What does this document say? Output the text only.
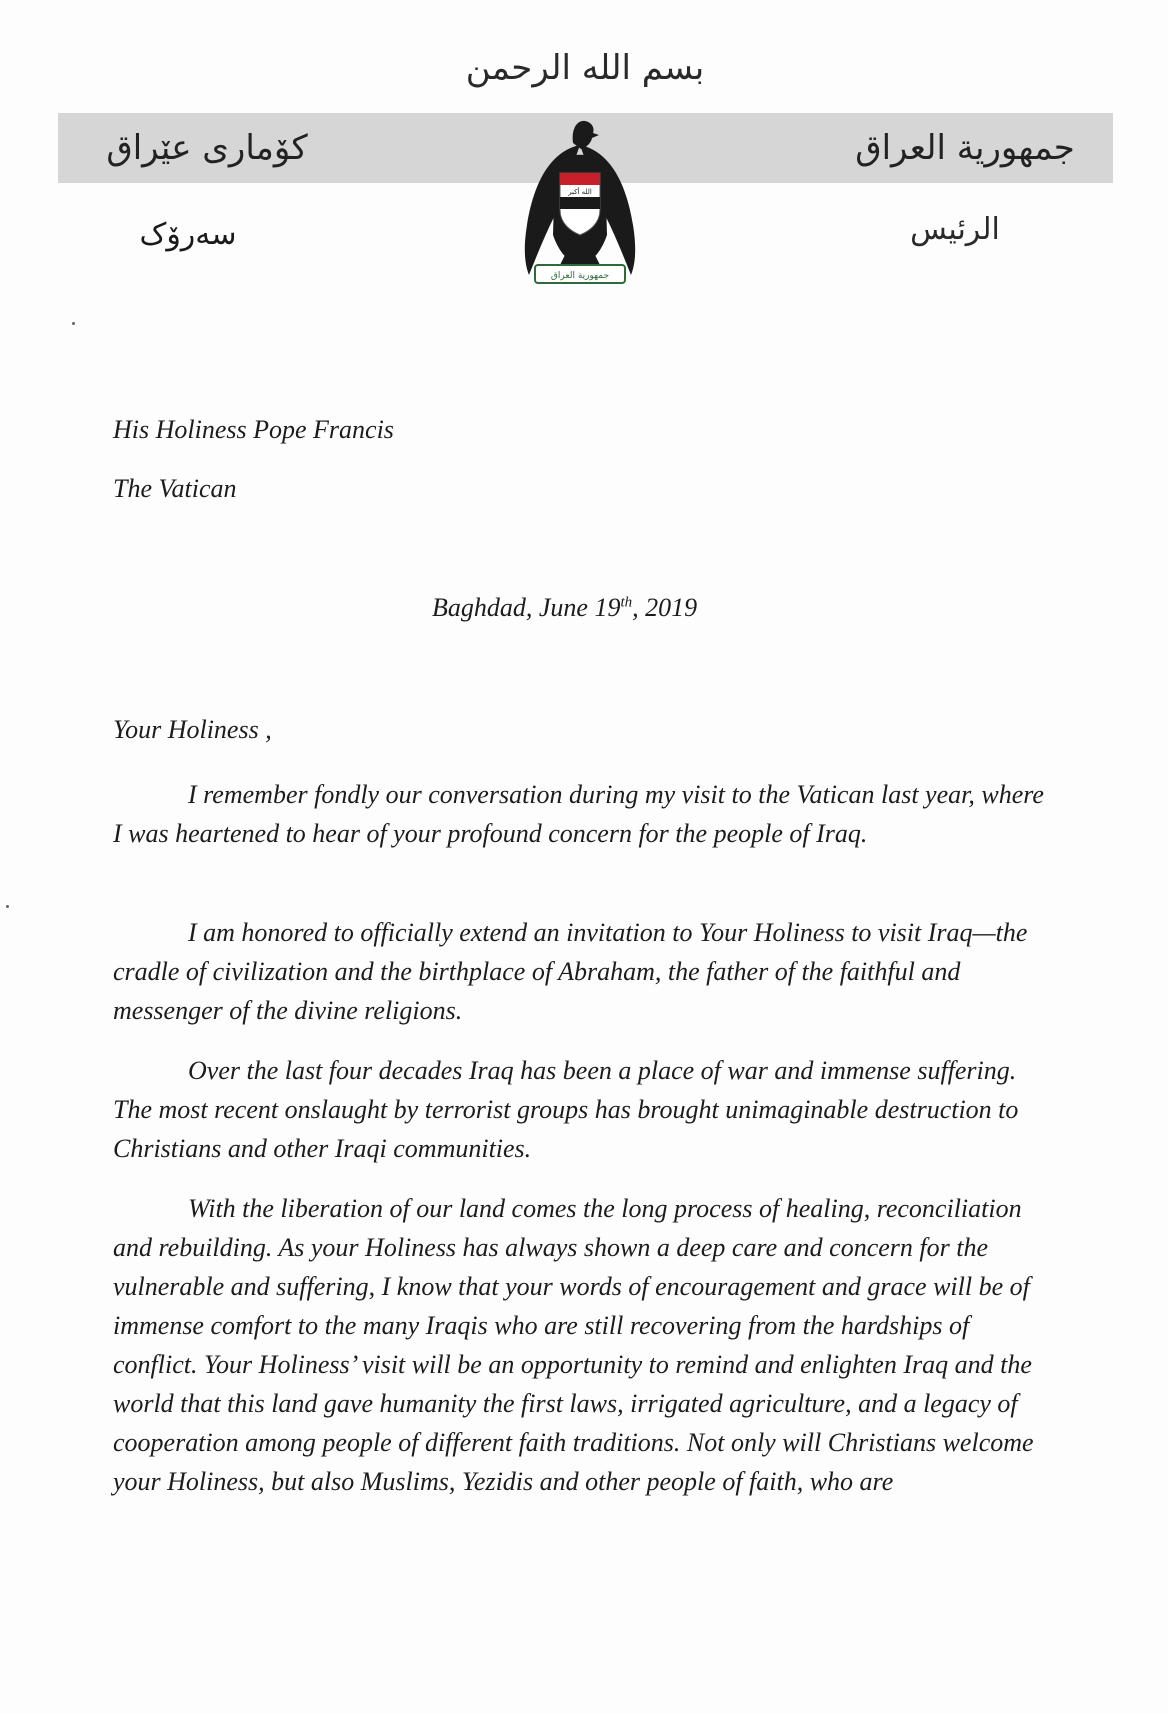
بسم الله الرحمن
کۆماری عێراق	جمهورية العراق
سەرۆک	الرئيس
الله أكبر
جمهورية العراق

His Holiness Pope Francis

The Vatican

Baghdad, June 19th, 2019

Your Holiness ,

I remember fondly our conversation during my visit to the Vatican last year, where I was heartened to hear of your profound concern for the people of Iraq.

I am honored to officially extend an invitation to Your Holiness to visit Iraq—the cradle of civilization and the birthplace of Abraham, the father of the faithful and messenger of the divine religions.

Over the last four decades Iraq has been a place of war and immense suffering. The most recent onslaught by terrorist groups has brought unimaginable destruction to Christians and other Iraqi communities.

With the liberation of our land comes the long process of healing, reconciliation and rebuilding. As your Holiness has always shown a deep care and concern for the vulnerable and suffering, I know that your words of encouragement and grace will be of immense comfort to the many Iraqis who are still recovering from the hardships of conflict. Your Holiness’ visit will be an opportunity to remind and enlighten Iraq and the world that this land gave humanity the first laws, irrigated agriculture, and a legacy of cooperation among people of different faith traditions. Not only will Christians welcome your Holiness, but also Muslims, Yezidis and other people of faith, who are
